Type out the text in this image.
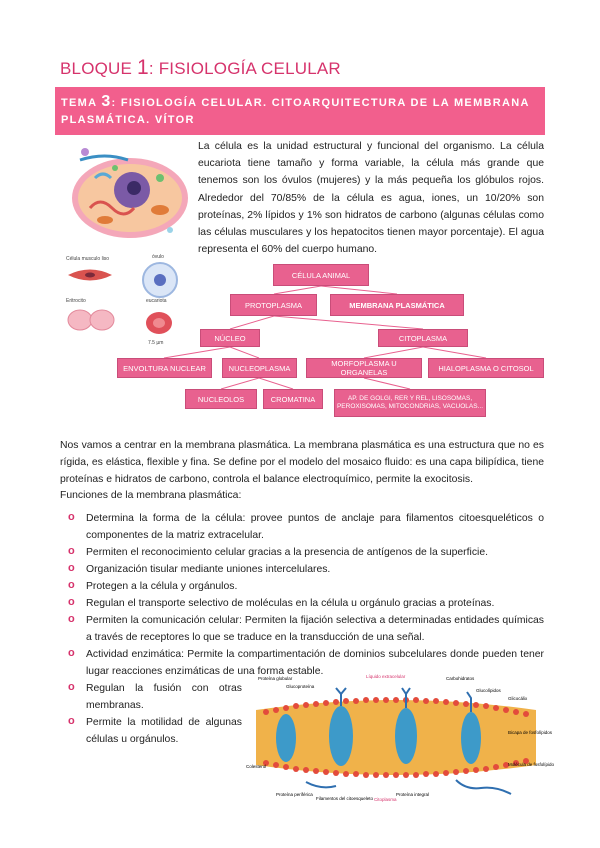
BLOQUE 1: FISIOLOGÍA CELULAR
TEMA 3: FISIOLOGÍA CELULAR. CITOARQUITECTURA DE LA MEMBRANA PLASMÁTICA. VÍTOR
Célula musculo liso	óvulo
Eritrocito	eucariota
7.5 µm
La célula es la unidad estructural y funcional del organismo. La célula eucariota tiene tamaño y forma variable, la célula más grande que tenemos son los óvulos (mujeres) y la más pequeña los glóbulos rojos. Alrededor del 70/85% de la célula es agua, iones, un 10/20% son proteínas, 2% lípidos y 1% son hidratos de carbono (algunas células como las células musculares y los hepatocitos tienen mayor porcentaje). El agua representa el 60% del cuerpo humano.
CÉLULA ANIMAL
PROTOPLASMA	MEMBRANA PLASMÁTICA
NÚCLEO	CITOPLASMA
ENVOLTURA NUCLEAR	NUCLEOPLASMA	MORFOPLASMA U ORGANELAS	HIALOPLASMA O CITOSOL
NUCLEOLOS	CROMATINA	AP. DE GOLGI, RER Y REL, LISOSOMAS, PEROXISOMAS, MITOCONDRIAS, VACUOLAS...
Nos vamos a centrar en la membrana plasmática. La membrana plasmática es una estructura que no es rígida, es elástica, flexible y fina. Se define por el modelo del mosaico fluido: es una capa bilipídica, tiene proteínas e hidratos de carbono, controla el balance electroquímico, permite la exocitosis.
Funciones de la membrana plasmática:
o Determina la forma de la célula: provee puntos de anclaje para filamentos citoesqueléticos o componentes de la matriz extracelular.
o Permiten el reconocimiento celular gracias a la presencia de antígenos de la superficie.
o Organización tisular mediante uniones intercelulares.
o Protegen a la célula y orgánulos.
o Regulan el transporte selectivo de moléculas en la célula u orgánulo gracias a proteínas.
o Permiten la comunicación celular: Permiten la fijación selectiva a determinadas entidades químicas a través de receptores lo que se traduce en la transducción de una señal.
o Actividad enzimática: Permite la compartimentación de dominios subcelulares donde pueden tener lugar reacciones enzimáticas de una forma estable.
o Regulan la fusión con otras membranas.
o Permite la motilidad de algunas células u orgánulos.
Proteína globular
Glucoproteína
Líquido extracelular	Carbohidratos
Colesterol
Glucolípidos
Bicapa de fosfolípidos
Glicocálix
Proteína integral
Filamentos del citoesqueleto Citoplasma
Molécula de fosfolípido
Proteína periférica
